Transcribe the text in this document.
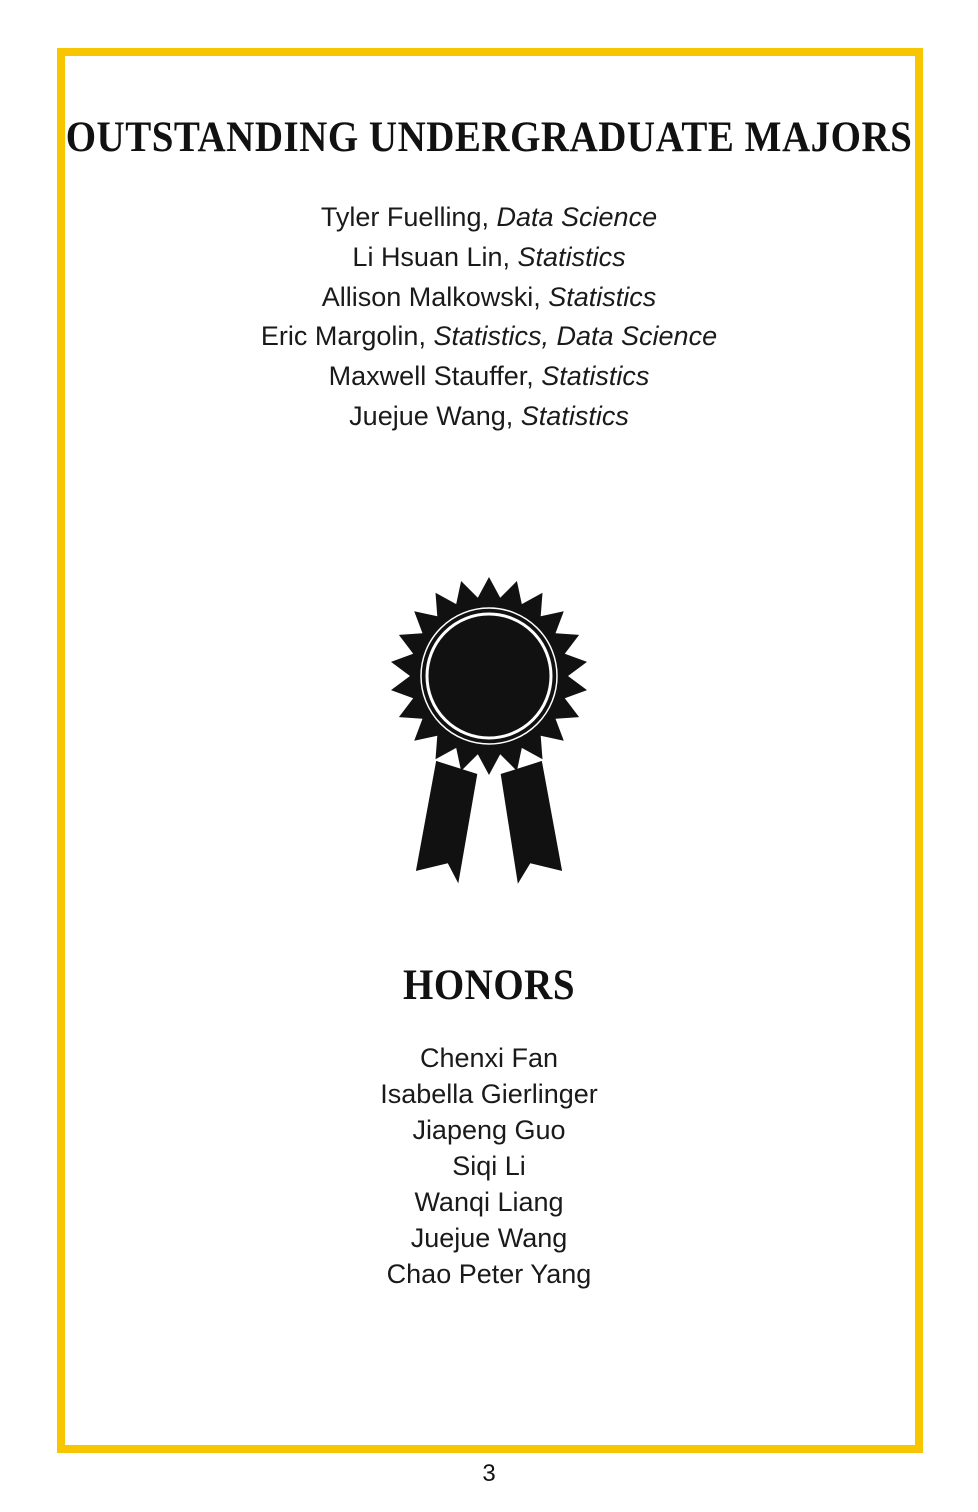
OUTSTANDING UNDERGRADUATE MAJORS
Tyler Fuelling, Data Science
Li Hsuan Lin, Statistics
Allison Malkowski, Statistics
Eric Margolin, Statistics, Data Science
Maxwell Stauffer, Statistics
Juejue Wang, Statistics
HONORS
Chenxi Fan
Isabella Gierlinger
Jiapeng Guo
Siqi Li
Wanqi Liang
Juejue Wang
Chao Peter Yang
3
